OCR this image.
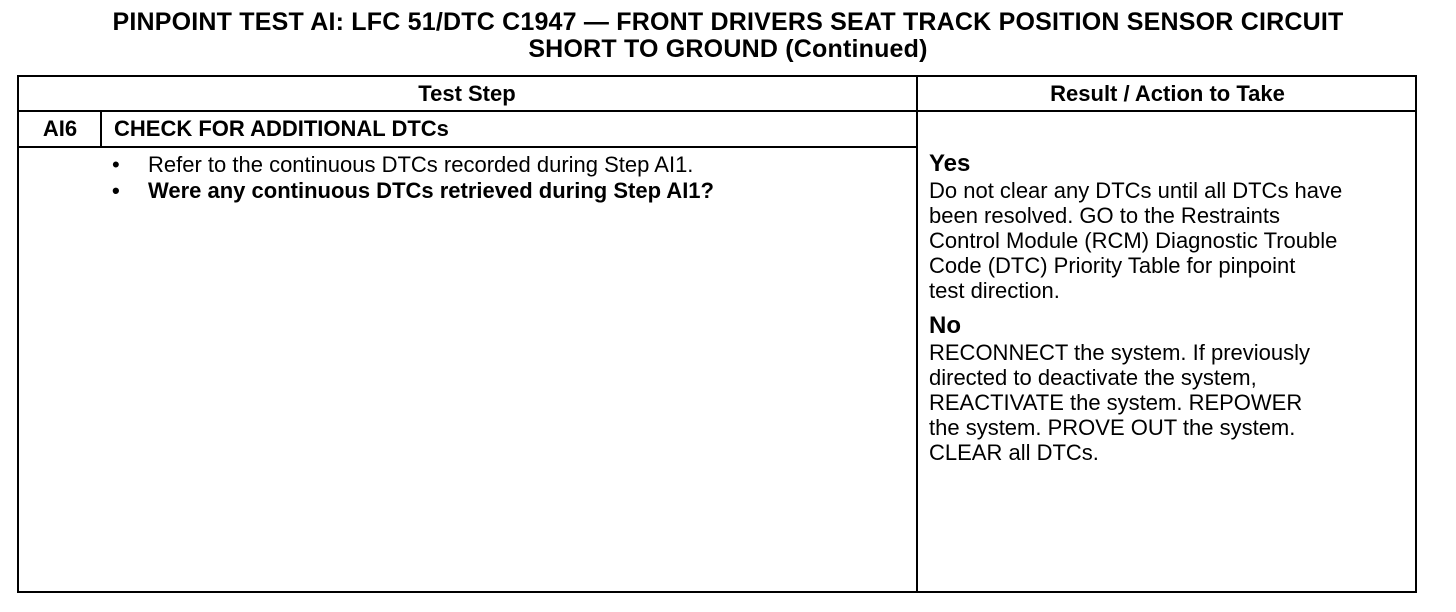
PINPOINT TEST AI: LFC 51/DTC C1947 — FRONT DRIVERS SEAT TRACK POSITION SENSOR CIRCUIT
SHORT TO GROUND (Continued)
Test Step	Result / Action to Take
AI6	CHECK FOR ADDITIONAL DTCs
• Refer to the continuous DTCs recorded during Step AI1.
• Were any continuous DTCs retrieved during Step AI1?
Yes
Do not clear any DTCs until all DTCs have
been resolved. GO to the Restraints
Control Module (RCM) Diagnostic Trouble
Code (DTC) Priority Table for pinpoint
test direction.
No
RECONNECT the system. If previously
directed to deactivate the system,
REACTIVATE the system. REPOWER
the system. PROVE OUT the system.
CLEAR all DTCs.
